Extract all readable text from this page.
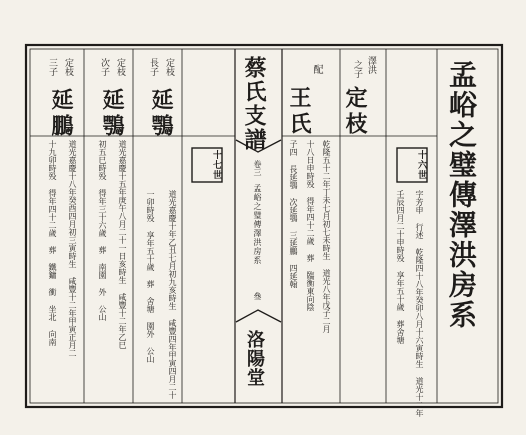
孟峪之璧傳澤洪房系
十六世
澤洪
之子
定枝
配
王氏
字芳申 行述 乾隆四十八年癸卯八月十六寅時生 道光十二年
壬辰四月二十申時殁 享年五十歲 葬舍塘
乾隆五十二年丁未七月初七未時生 道光八年戊子二月
十八日申時殁 得年四十二歲 葬 臨衡東向陰
子四 長延鶚 次延鶚 三延鵬 四延翰
蔡氏支譜
卷三
孟峪之璧傳澤洪房系
叄
洛陽堂
十七世
長子 定枝
延鶚
道光嘉慶十年乙丑七月初九亥時生 咸豐四年甲寅四月二十
一卯時殁 享年五十歲 葬 舍塘 園外 公山
次子 定枝
延鶚
道光嘉慶十五年庚午八月二十一日亥時生 咸豐十二年乙巳
初五巳時殁 得年三十六歲 葬 南園 外 公山
三子 定枝
延鵬
道光嘉慶十八年癸酉四月初三寅時生 咸豐十二年甲寅正月二
十九卯時殁 得年四十二歲 葬 鐵鏞 衝 坐北 向南
